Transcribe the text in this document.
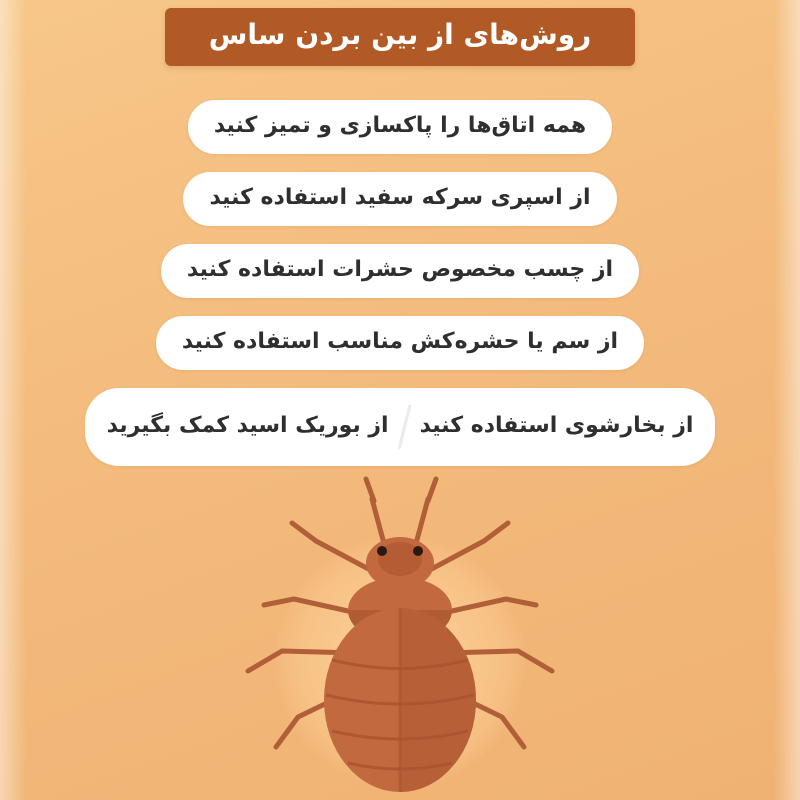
روش‌های از بین بردن ساس
همه اتاق‌ها را پاکسازی و تمیز کنید
از اسپری سرکه سفید استفاده کنید
از چسب مخصوص حشرات استفاده کنید
از سم یا حشره‌کش مناسب استفاده کنید
از بخارشوی استفاده کنید
از بوریک اسید کمک بگیرید
